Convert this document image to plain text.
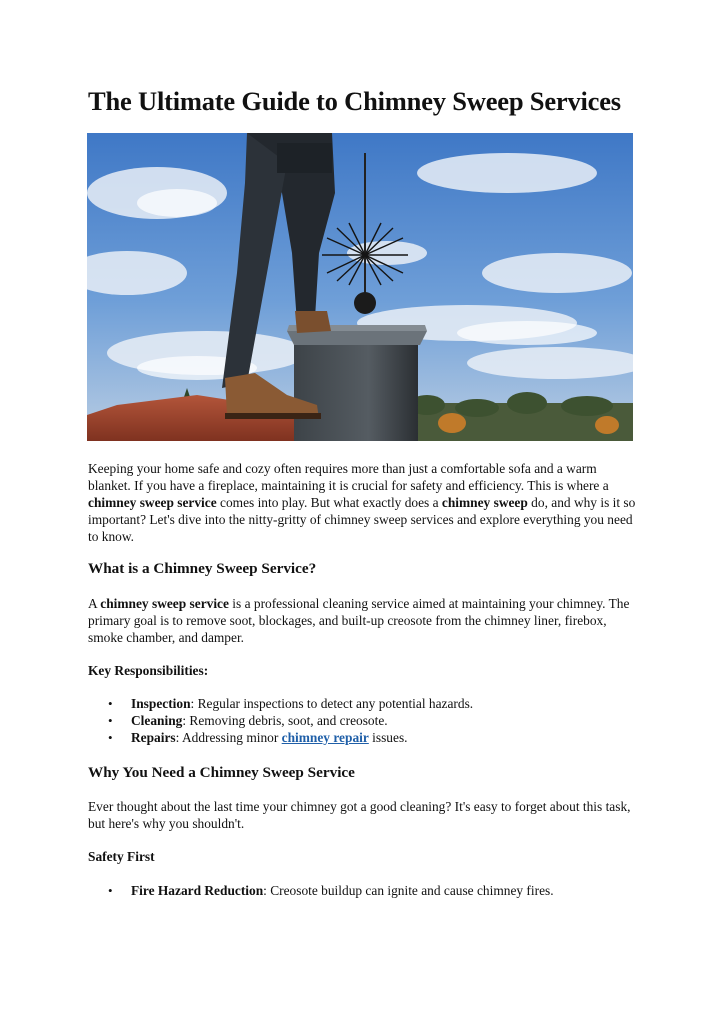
The Ultimate Guide to Chimney Sweep Services

Keeping your home safe and cozy often requires more than just a comfortable sofa and a warm blanket. If you have a fireplace, maintaining it is crucial for safety and efficiency. This is where a chimney sweep service comes into play. But what exactly does a chimney sweep do, and why is it so important? Let's dive into the nitty-gritty of chimney sweep services and explore everything you need to know.

What is a Chimney Sweep Service?

A chimney sweep service is a professional cleaning service aimed at maintaining your chimney. The primary goal is to remove soot, blockages, and built-up creosote from the chimney liner, firebox, smoke chamber, and damper.

Key Responsibilities:
• Inspection: Regular inspections to detect any potential hazards.
• Cleaning: Removing debris, soot, and creosote.
• Repairs: Addressing minor chimney repair issues.
Why You Need a Chimney Sweep Service

Ever thought about the last time your chimney got a good cleaning? It's easy to forget about this task, but here's why you shouldn't.

Safety First
• Fire Hazard Reduction: Creosote buildup can ignite and cause chimney fires.
